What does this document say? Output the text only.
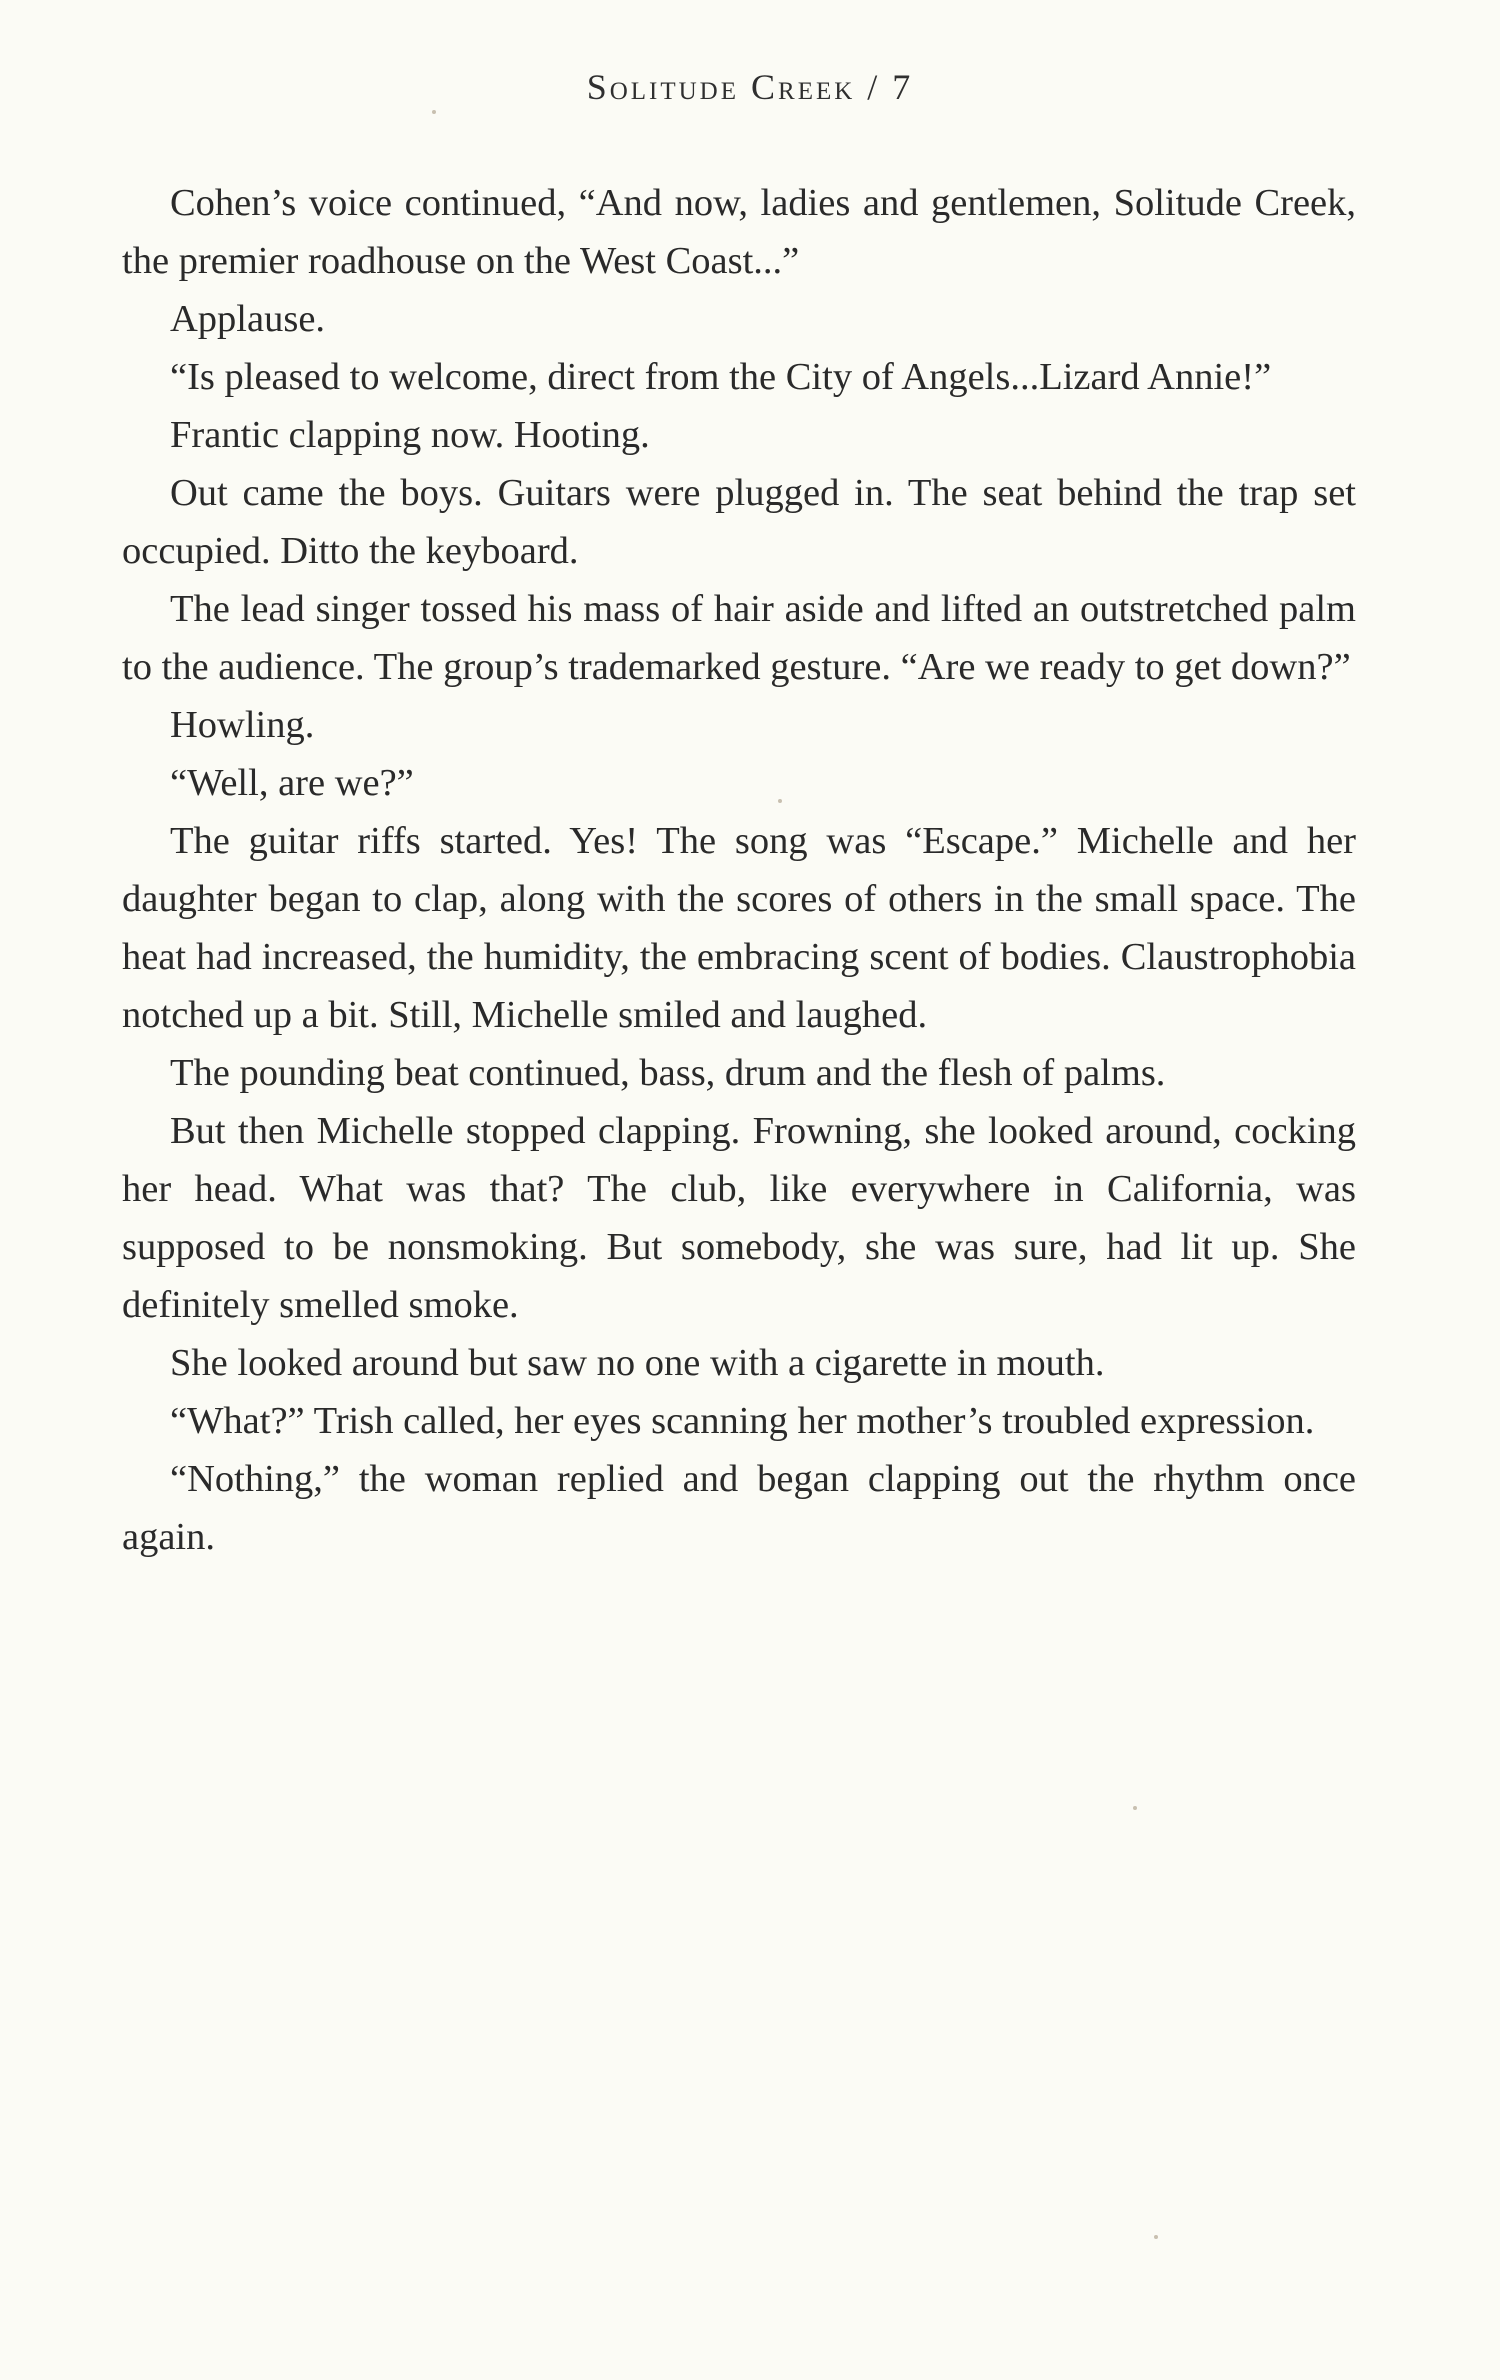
Solitude Creek / 7

Cohen’s voice continued, “And now, ladies and gentlemen, Solitude Creek, the premier roadhouse on the West Coast...”

Applause.

“Is pleased to welcome, direct from the City of Angels...Lizard Annie!”

Frantic clapping now. Hooting.

Out came the boys. Guitars were plugged in. The seat behind the trap set occupied. Ditto the keyboard.

The lead singer tossed his mass of hair aside and lifted an outstretched palm to the audience. The group’s trademarked gesture. “Are we ready to get down?”

Howling.

“Well, are we?”

The guitar riffs started. Yes! The song was “Escape.” Michelle and her daughter began to clap, along with the scores of others in the small space. The heat had increased, the humidity, the embracing scent of bodies. Claustrophobia notched up a bit. Still, Michelle smiled and laughed.

The pounding beat continued, bass, drum and the flesh of palms.

But then Michelle stopped clapping. Frowning, she looked around, cocking her head. What was that? The club, like everywhere in California, was supposed to be nonsmoking. But somebody, she was sure, had lit up. She definitely smelled smoke.

She looked around but saw no one with a cigarette in mouth.

“What?” Trish called, her eyes scanning her mother’s troubled expression.

“Nothing,” the woman replied and began clapping out the rhythm once again.
